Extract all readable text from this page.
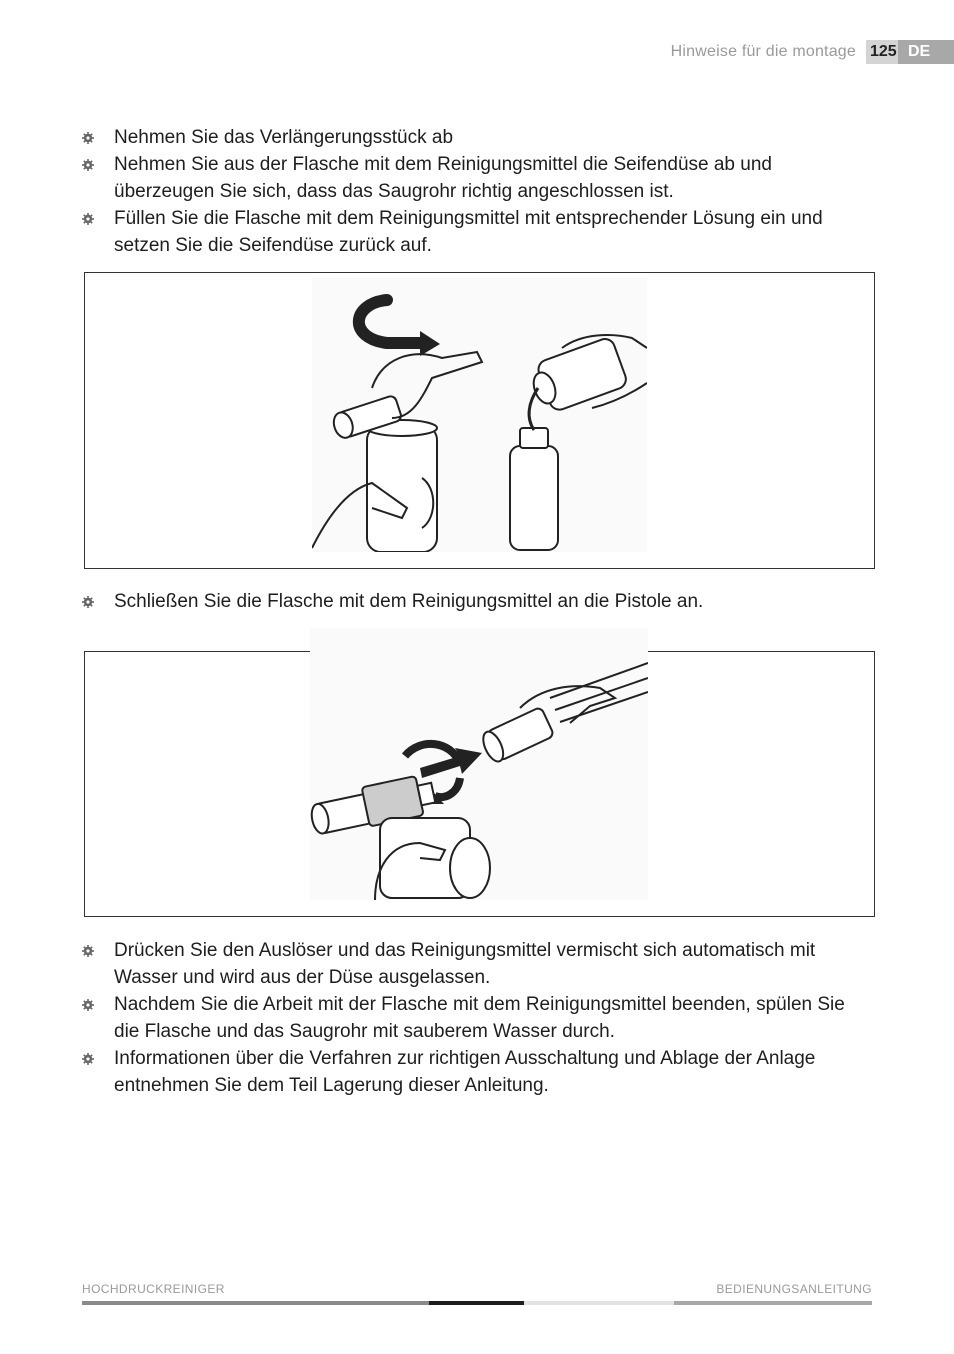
Hinweise für die montage 125 DE
Nehmen Sie das Verlängerungsstück ab
Nehmen Sie aus der Flasche mit dem Reinigungsmittel die Seifendüse ab und überzeugen Sie sich, dass das Saugrohr richtig angeschlossen ist.
Füllen Sie die Flasche mit dem Reinigungsmittel mit entsprechender Lösung ein und setzen Sie die Seifendüse zurück auf.
Schließen Sie die Flasche mit dem Reinigungsmittel an die Pistole an.
Drücken Sie den Auslöser und das Reinigungsmittel vermischt sich automatisch mit Wasser und wird aus der Düse ausgelassen.
Nachdem Sie die Arbeit mit der Flasche mit dem Reinigungsmittel beenden, spülen Sie die Flasche und das Saugrohr mit sauberem Wasser durch.
Informationen über die Verfahren zur richtigen Ausschaltung und Ablage der Anlage entnehmen Sie dem Teil Lagerung dieser Anleitung.
HOCHDRUCKREINIGER	BEDIENUNGSANLEITUNG
